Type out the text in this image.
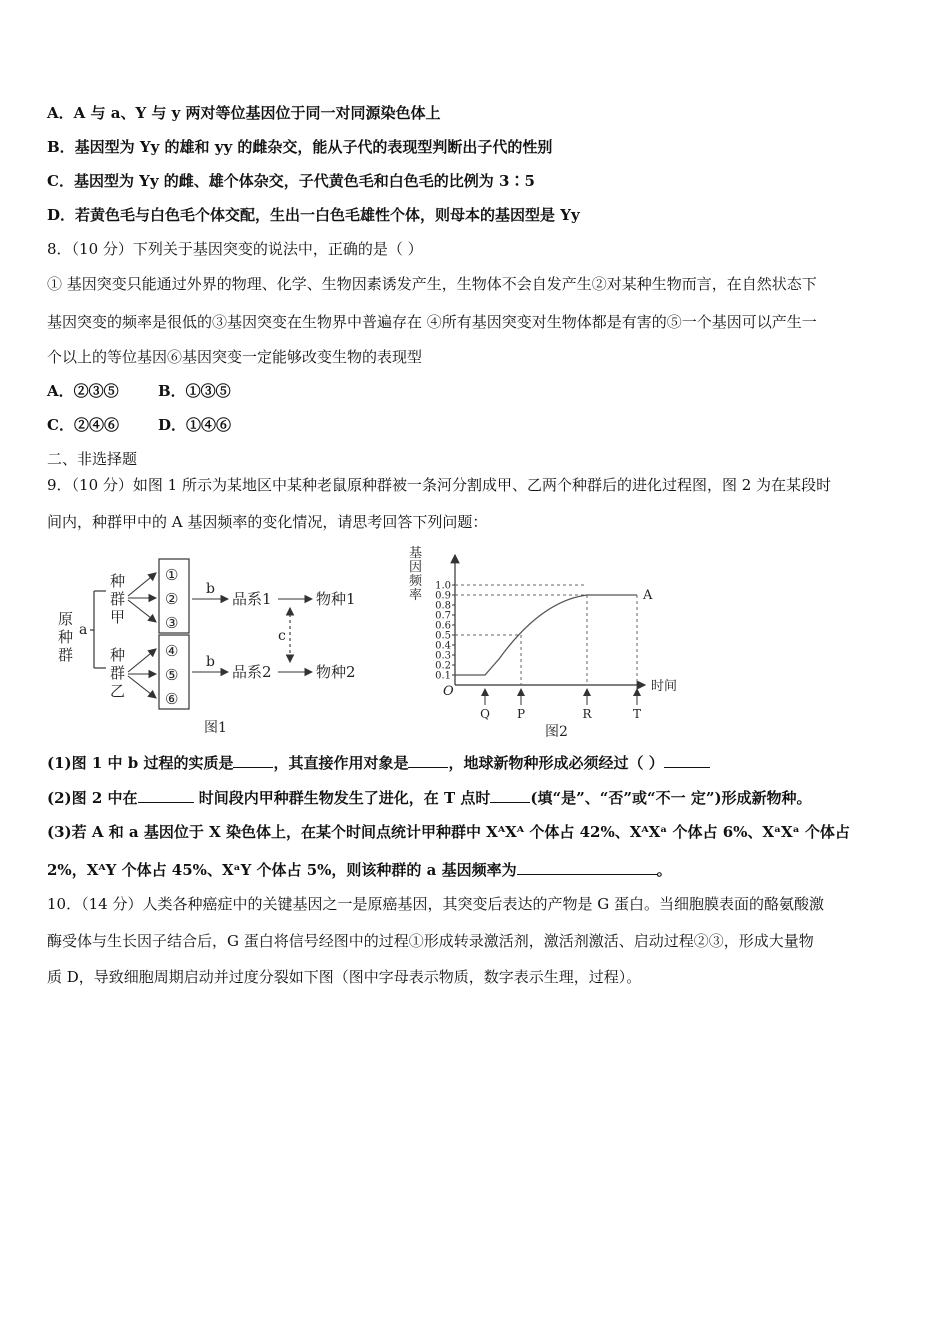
A．A 与 a、Y 与 y 两对等位基因位于同一对同源染色体上
B．基因型为 Yy 的雄和 yy 的雌杂交，能从子代的表现型判断出子代的性别
C．基因型为 Yy 的雌、雄个体杂交，子代黄色毛和白色毛的比例为 3∶5
D．若黄色毛与白色毛个体交配，生出一白色毛雄性个体，则母本的基因型是 Yy
8．（10 分）下列关于基因突变的说法中，正确的是（ ）
① 基因突变只能通过外界的物理、化学、生物因素诱发产生，生物体不会自发产生②对某种生物而言，在自然状态下
基因突变的频率是很低的③基因突变在生物界中普遍存在 ④所有基因突变对生物体都是有害的⑤一个基因可以产生一
个以上的等位基因⑥基因突变一定能够改变生物的表现型
A．②③⑤	B．①③⑤
C．②④⑥	D．①④⑥
二、非选择题
9．（10 分）如图 1 所示为某地区中某种老鼠原种群被一条河分割成甲、乙两个种群后的进化过程图，图 2 为在某段时
间内，种群甲中的 A 基因频率的变化情况，请思考回答下列问题：
原
种
群
a
种
群
甲
种
群
乙
①
②
③
④
⑤
⑥
b
b
品系1
品系2
物种1
物种2
c
图1
基
因
频
率
O	时间
1.0
0.9
0.8
0.7
0.6
0.5
0.4
0.3
0.2
0.1
Q P	R	T
A
图2
(1)图 1 中 b 过程的实质是	，其直接作用对象是	，地球新物种形成必须经过（ ）
(2)图 2 中在	时间段内甲种群生物发生了进化，在 T 点时	(填“是”、“否”或“不一 定”)形成新物种。
(3)若 A 和 a 基因位于 X 染色体上，在某个时间点统计甲种群中 XᴬXᴬ 个体占 42%、XᴬXᵃ 个体占 6%、XᵃXᵃ 个体占
2%，XᴬY 个体占 45%、XᵃY 个体占 5%，则该种群的 a 基因频率为	。
10．（14 分）人类各种癌症中的关键基因之一是原癌基因，其突变后表达的产物是 G 蛋白。当细胞膜表面的酪氨酸激
酶受体与生长因子结合后，G 蛋白将信号经图中的过程①形成转录激活剂，激活剂激活、启动过程②③，形成大量物
质 D，导致细胞周期启动并过度分裂如下图（图中字母表示物质，数字表示生理，过程）。
